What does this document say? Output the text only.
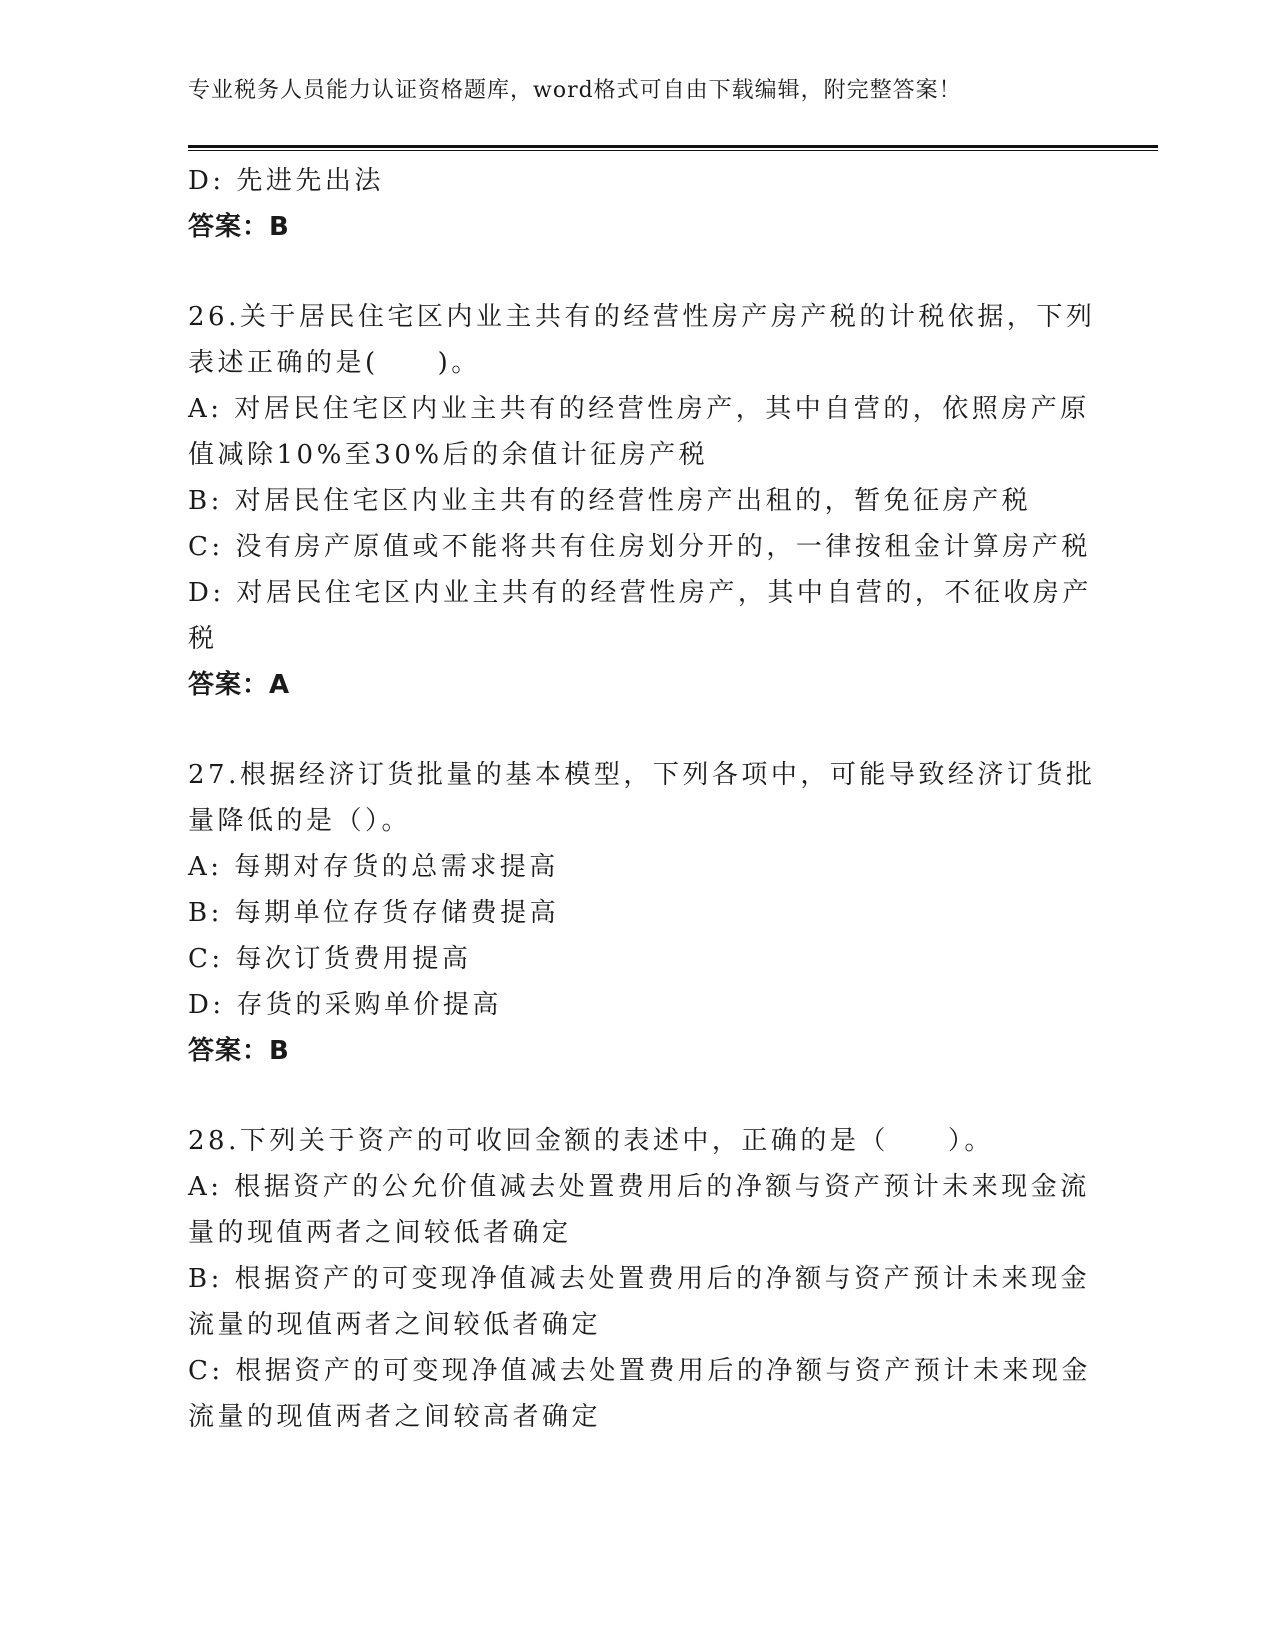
专业税务人员能力认证资格题库，word格式可自由下载编辑，附完整答案！
D: 先进先出法
答案：B
26.关于居民住宅区内业主共有的经营性房产房产税的计税依据，下列
表述正确的是(　　)。
A: 对居民住宅区内业主共有的经营性房产，其中自营的，依照房产原
值减除10%至30%后的余值计征房产税
B: 对居民住宅区内业主共有的经营性房产出租的，暂免征房产税
C: 没有房产原值或不能将共有住房划分开的，一律按租金计算房产税
D: 对居民住宅区内业主共有的经营性房产，其中自营的，不征收房产
税
答案：A
27.根据经济订货批量的基本模型，下列各项中，可能导致经济订货批
量降低的是（）。
A: 每期对存货的总需求提高
B: 每期单位存货存储费提高
C: 每次订货费用提高
D: 存货的采购单价提高
答案：B
28.下列关于资产的可收回金额的表述中，正确的是（　　）。
A: 根据资产的公允价值减去处置费用后的净额与资产预计未来现金流
量的现值两者之间较低者确定
B: 根据资产的可变现净值减去处置费用后的净额与资产预计未来现金
流量的现值两者之间较低者确定
C: 根据资产的可变现净值减去处置费用后的净额与资产预计未来现金
流量的现值两者之间较高者确定
